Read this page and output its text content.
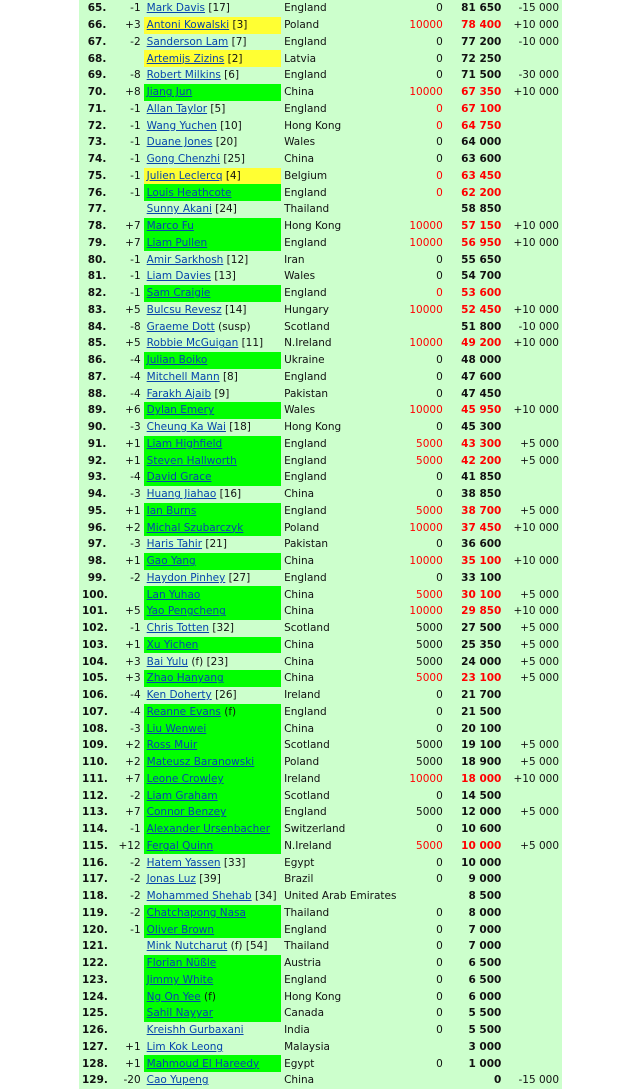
65.	-1	Mark Davis [17]	England	0	81 650	-15 000
66.	+3	Antoni Kowalski [3]	Poland	10000	78 400	+10 000
67.	-2	Sanderson Lam [7]	England	0	77 200	-10 000
68.		Artemijs Zizins [2]	Latvia	0	72 250	
69.	-8	Robert Milkins [6]	England	0	71 500	-30 000
70.	+8	Jiang Jun	China	10000	67 350	+10 000
71.	-1	Allan Taylor [5]	England	0	67 100	
72.	-1	Wang Yuchen [10]	Hong Kong	0	64 750	
73.	-1	Duane Jones [20]	Wales	0	64 000	
74.	-1	Gong Chenzhi [25]	China	0	63 600	
75.	-1	Julien Leclercq [4]	Belgium	0	63 450	
76.	-1	Louis Heathcote	England	0	62 200	
77.		Sunny Akani [24]	Thailand		58 850	
78.	+7	Marco Fu	Hong Kong	10000	57 150	+10 000
79.	+7	Liam Pullen	England	10000	56 950	+10 000
80.	-1	Amir Sarkhosh [12]	Iran	0	55 650	
81.	-1	Liam Davies [13]	Wales	0	54 700	
82.	-1	Sam Craigie	England	0	53 600	
83.	+5	Bulcsu Revesz [14]	Hungary	10000	52 450	+10 000
84.	-8	Graeme Dott (susp)	Scotland		51 800	-10 000
85.	+5	Robbie McGuigan [11]	N.Ireland	10000	49 200	+10 000
86.	-4	Julian Boiko	Ukraine	0	48 000	
87.	-4	Mitchell Mann [8]	England	0	47 600	
88.	-4	Farakh Ajaib [9]	Pakistan	0	47 450	
89.	+6	Dylan Emery	Wales	10000	45 950	+10 000
90.	-3	Cheung Ka Wai [18]	Hong Kong	0	45 300	
91.	+1	Liam Highfield	England	5000	43 300	+5 000
92.	+1	Steven Hallworth	England	5000	42 200	+5 000
93.	-4	David Grace	England	0	41 850	
94.	-3	Huang Jiahao [16]	China	0	38 850	
95.	+1	Ian Burns	England	5000	38 700	+5 000
96.	+2	Michal Szubarczyk	Poland	10000	37 450	+10 000
97.	-3	Haris Tahir [21]	Pakistan	0	36 600	
98.	+1	Gao Yang	China	10000	35 100	+10 000
99.	-2	Haydon Pinhey [27]	England	0	33 100	
100.		Lan Yuhao	China	5000	30 100	+5 000
101.	+5	Yao Pengcheng	China	10000	29 850	+10 000
102.	-1	Chris Totten [32]	Scotland	5000	27 500	+5 000
103.	+1	Xu Yichen	China	5000	25 350	+5 000
104.	+3	Bai Yulu (f) [23]	China	5000	24 000	+5 000
105.	+3	Zhao Hanyang	China	5000	23 100	+5 000
106.	-4	Ken Doherty [26]	Ireland	0	21 700	
107.	-4	Reanne Evans (f)	England	0	21 500	
108.	-3	Liu Wenwei	China	0	20 100	
109.	+2	Ross Muir	Scotland	5000	19 100	+5 000
110.	+2	Mateusz Baranowski	Poland	5000	18 900	+5 000
111.	+7	Leone Crowley	Ireland	10000	18 000	+10 000
112.	-2	Liam Graham	Scotland	0	14 500	
113.	+7	Connor Benzey	England	5000	12 000	+5 000
114.	-1	Alexander Ursenbacher	Switzerland	0	10 600	
115.	+12	Fergal Quinn	N.Ireland	5000	10 000	+5 000
116.	-2	Hatem Yassen [33]	Egypt	0	10 000	
117.	-2	Jonas Luz [39]	Brazil	0	9 000	
118.	-2	Mohammed Shehab [34]	United Arab Emirates		8 500	
119.	-2	Chatchapong Nasa	Thailand	0	8 000	
120.	-1	Oliver Brown	England	0	7 000	
121.		Mink Nutcharut (f) [54]	Thailand	0	7 000	
122.		Florian Nüßle	Austria	0	6 500	
123.		Jimmy White	England	0	6 500	
124.		Ng On Yee (f)	Hong Kong	0	6 000	
125.		Sahil Nayyar	Canada	0	5 500	
126.		Kreishh Gurbaxani	India	0	5 500	
127.	+1	Lim Kok Leong	Malaysia		3 000	
128.	+1	Mahmoud El Hareedy	Egypt	0	1 000	
129.	-20	Cao Yupeng	China		0	-15 000
